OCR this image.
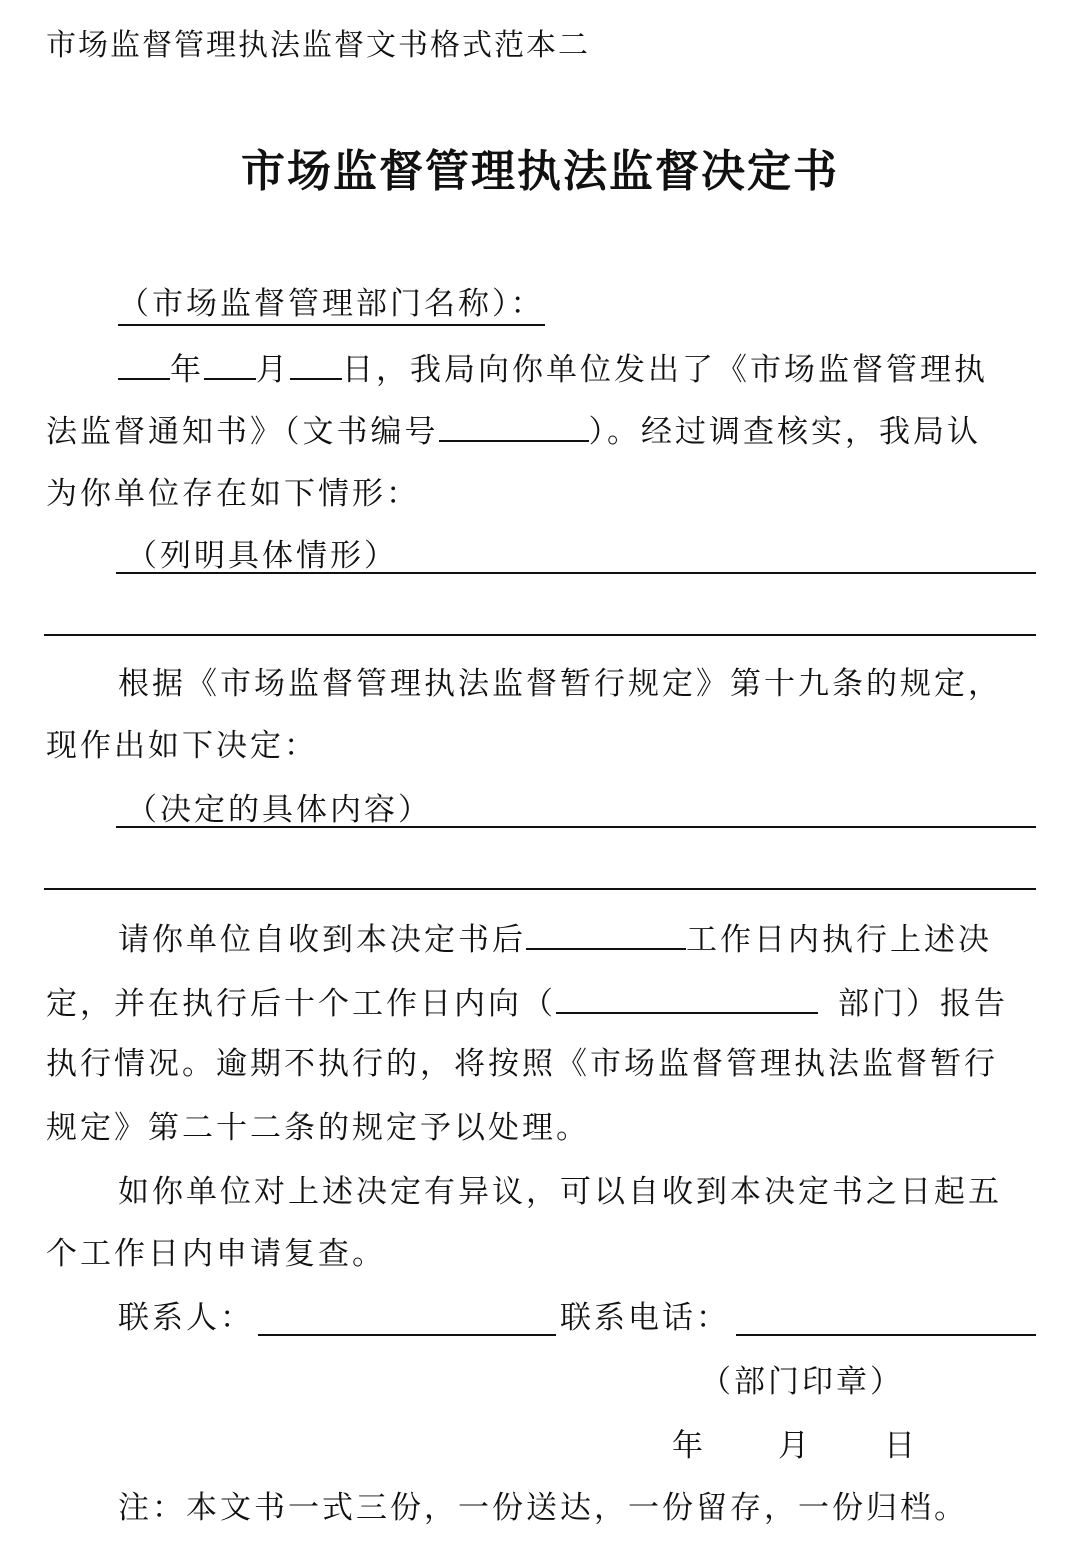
市场监督管理执法监督文书格式范本二
市场监督管理执法监督决定书
（市场监督管理部门名称）：
年 月 日，我局向你单位发出了《市场监督管理执
法监督通知书》（文书编号	）。经过调查核实，我局认
为你单位存在如下情形：
（列明具体情形）
根据《市场监督管理执法监督暂行规定》第十九条的规定，
现作出如下决定：
（决定的具体内容）
请你单位自收到本决定书后	工作日内执行上述决
定，并在执行后十个工作日内向（	部门）报告
执行情况。逾期不执行的，将按照《市场监督管理执法监督暂行
规定》第二十二条的规定予以处理。
如你单位对上述决定有异议，可以自收到本决定书之日起五
个工作日内申请复查。
联系人：	联系电话：
（部门印章）
年 月 日
注：本文书一式三份，一份送达，一份留存，一份归档。
